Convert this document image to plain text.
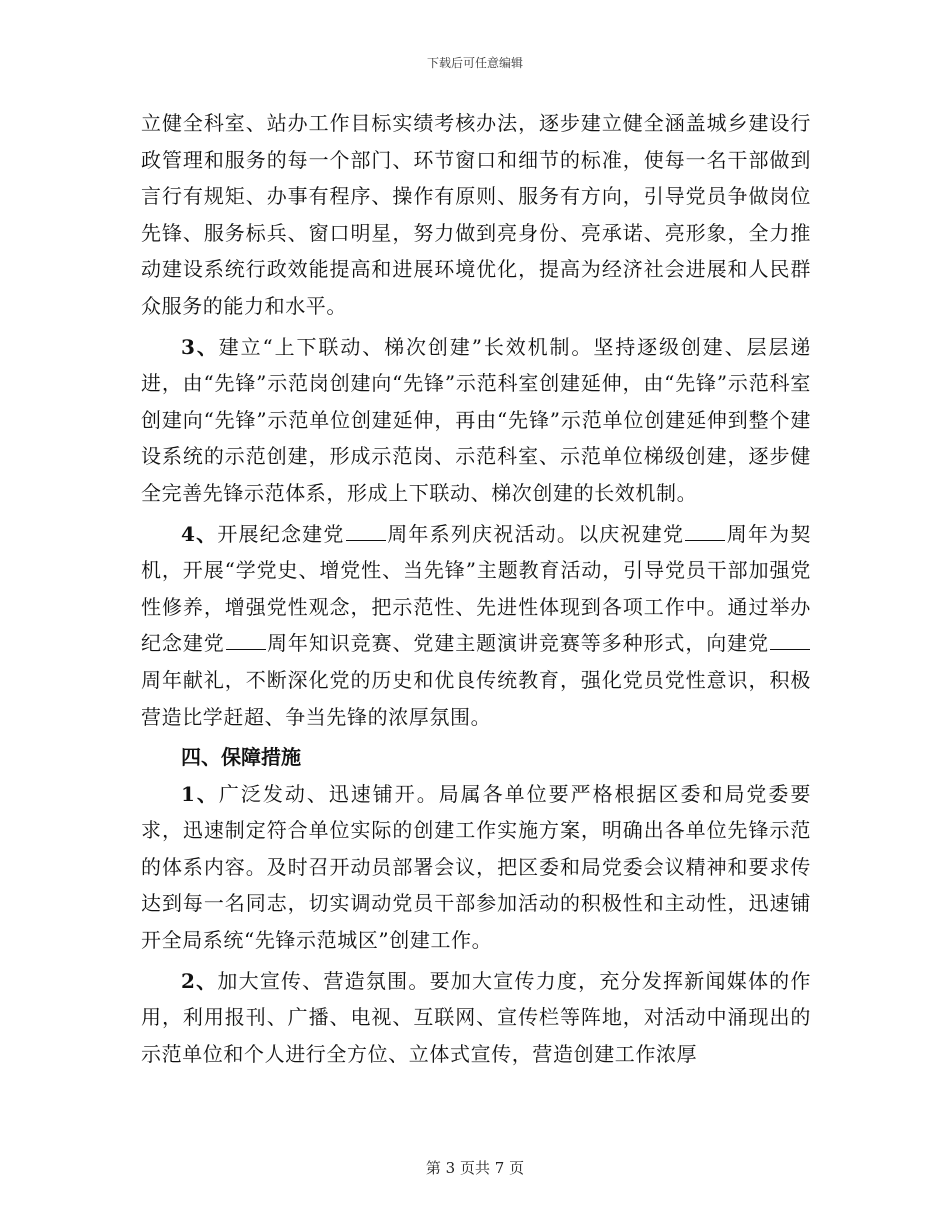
下载后可任意编辑

立健全科室、站办工作目标实绩考核办法，逐步建立健全涵盖城乡建设行政管理和服务的每一个部门、环节窗口和细节的标准，使每一名干部做到言行有规矩、办事有程序、操作有原则、服务有方向，引导党员争做岗位先锋、服务标兵、窗口明星，努力做到亮身份、亮承诺、亮形象，全力推动建设系统行政效能提高和进展环境优化，提高为经济社会进展和人民群众服务的能力和水平。

3、建立“上下联动、梯次创建”长效机制。坚持逐级创建、层层递进，由“先锋”示范岗创建向“先锋”示范科室创建延伸，由“先锋”示范科室创建向“先锋”示范单位创建延伸，再由“先锋”示范单位创建延伸到整个建设系统的示范创建，形成示范岗、示范科室、示范单位梯级创建，逐步健全完善先锋示范体系，形成上下联动、梯次创建的长效机制。

4、开展纪念建党 周年系列庆祝活动。以庆祝建党 周年为契机，开展“学党史、增党性、当先锋”主题教育活动，引导党员干部加强党性修养，增强党性观念，把示范性、先进性体现到各项工作中。通过举办纪念建党 周年知识竞赛、党建主题演讲竞赛等多种形式，向建党周年献礼，不断深化党的历史和优良传统教育，强化党员党性意识，积极营造比学赶超、争当先锋的浓厚氛围。

四、保障措施

1、广泛发动、迅速铺开。局属各单位要严格根据区委和局党委要求，迅速制定符合单位实际的创建工作实施方案，明确出各单位先锋示范的体系内容。及时召开动员部署会议，把区委和局党委会议精神和要求传达到每一名同志，切实调动党员干部参加活动的积极性和主动性，迅速铺开全局系统“先锋示范城区”创建工作。

2、加大宣传、营造氛围。要加大宣传力度，充分发挥新闻媒体的作用，利用报刊、广播、电视、互联网、宣传栏等阵地，对活动中涌现出的示范单位和个人进行全方位、立体式宣传，营造创建工作浓厚

第 3 页共 7 页
